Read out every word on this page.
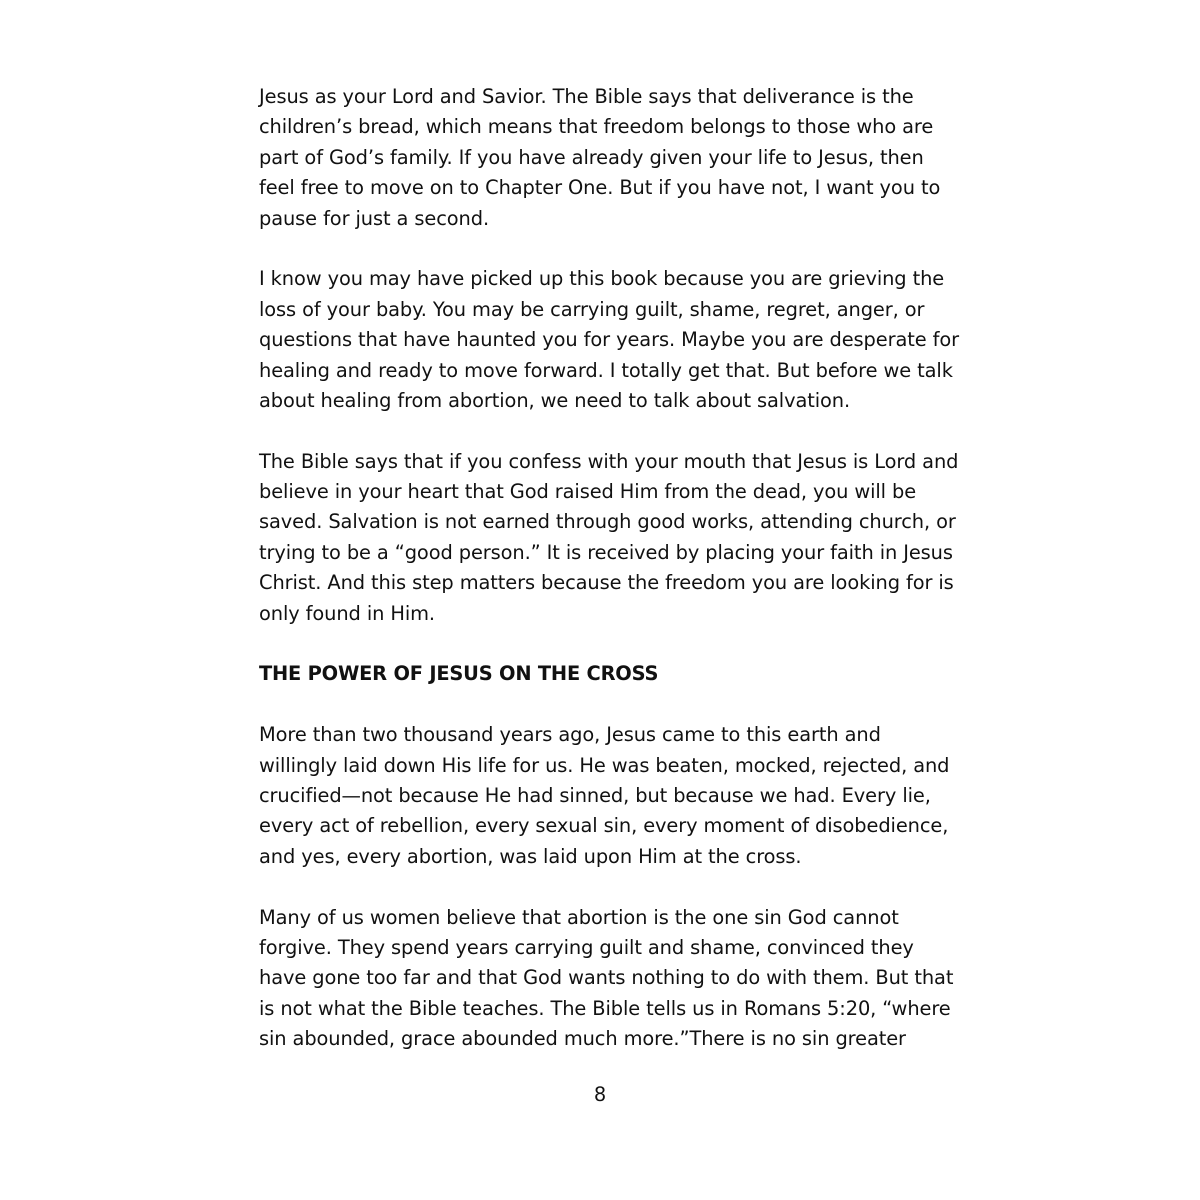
Jesus as your Lord and Savior. The Bible says that deliverance is the
children’s bread, which means that freedom belongs to those who are
part of God’s family. If you have already given your life to Jesus, then
feel free to move on to Chapter One. But if you have not, I want you to
pause for just a second.
I know you may have picked up this book because you are grieving the
loss of your baby. You may be carrying guilt, shame, regret, anger, or
questions that have haunted you for years. Maybe you are desperate for
healing and ready to move forward. I totally get that. But before we talk
about healing from abortion, we need to talk about salvation.
The Bible says that if you confess with your mouth that Jesus is Lord and
believe in your heart that God raised Him from the dead, you will be
saved. Salvation is not earned through good works, attending church, or
trying to be a “good person.” It is received by placing your faith in Jesus
Christ. And this step matters because the freedom you are looking for is
only found in Him.
THE POWER OF JESUS ON THE CROSS
More than two thousand years ago, Jesus came to this earth and
willingly laid down His life for us. He was beaten, mocked, rejected, and
crucified—not because He had sinned, but because we had. Every lie,
every act of rebellion, every sexual sin, every moment of disobedience,
and yes, every abortion, was laid upon Him at the cross.
Many of us women believe that abortion is the one sin God cannot
forgive. They spend years carrying guilt and shame, convinced they
have gone too far and that God wants nothing to do with them. But that
is not what the Bible teaches. The Bible tells us in Romans 5:20, “where
sin abounded, grace abounded much more.”There is no sin greater
8
